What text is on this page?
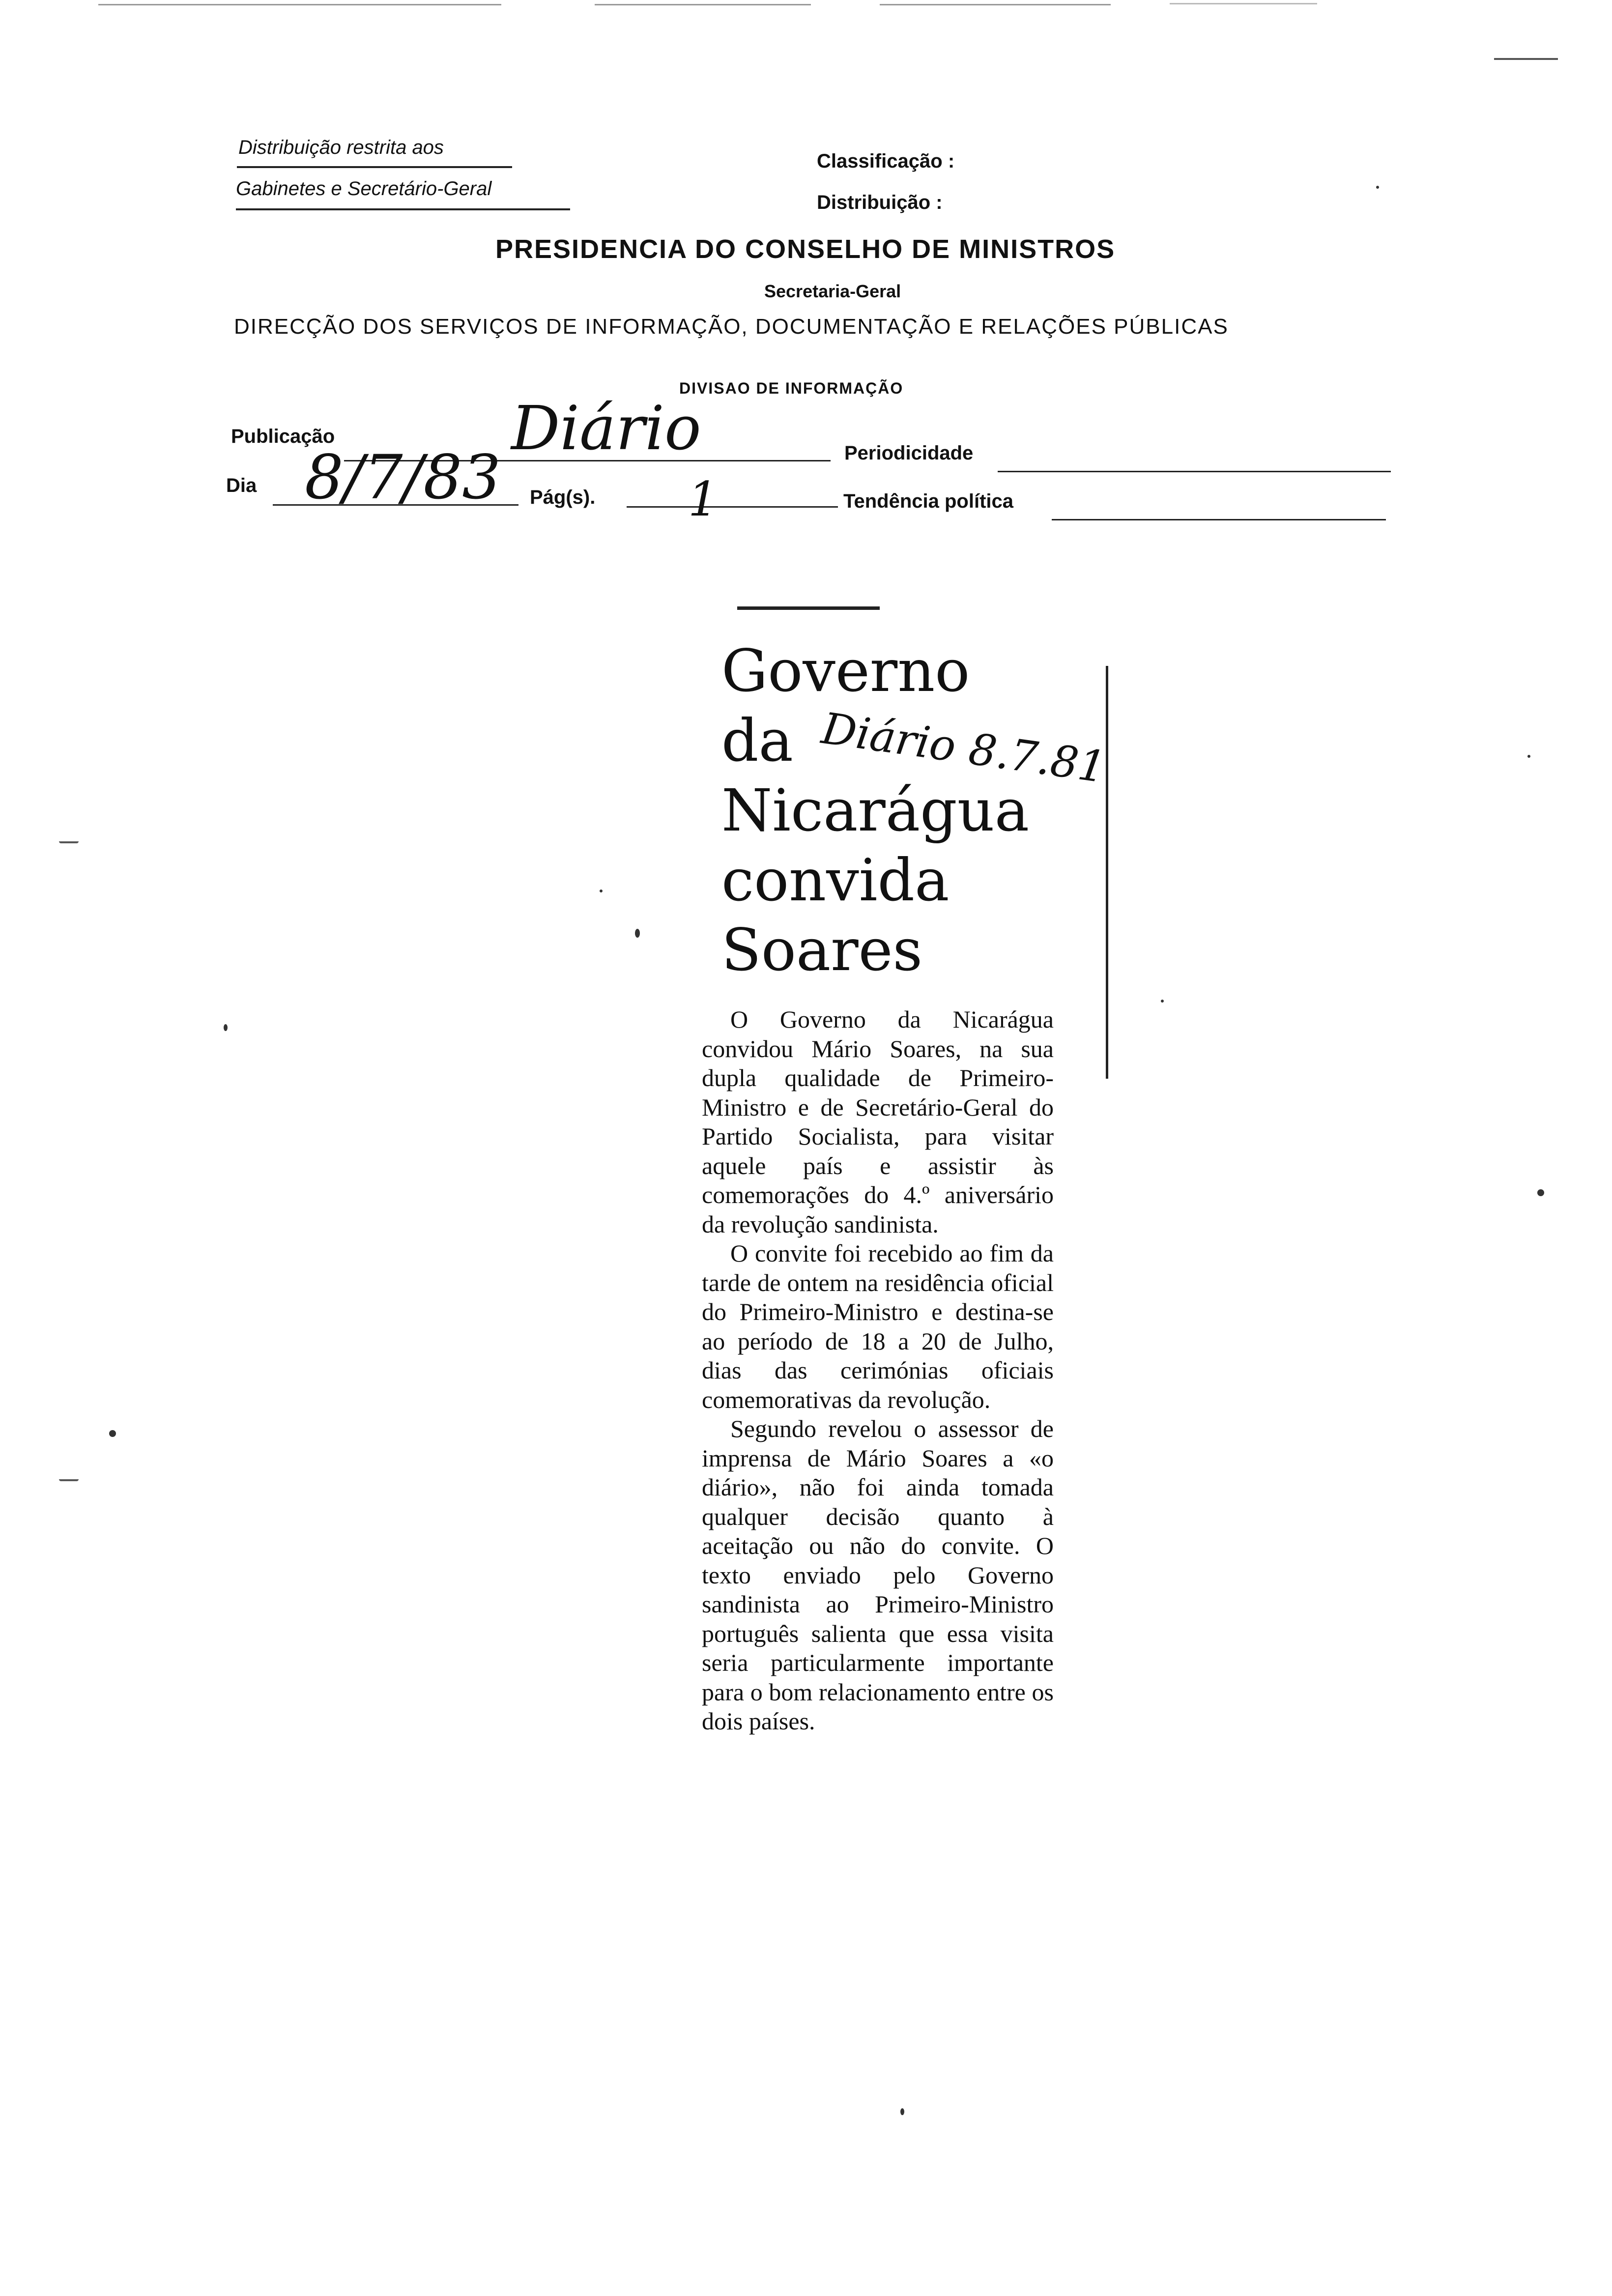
Distribuição restrita aos
Gabinetes e Secretário-Geral
Classificação :
Distribuição :
PRESIDENCIA DO CONSELHO DE MINISTROS
Secretaria-Geral
DIRECÇÃO DOS SERVIÇOS DE INFORMAÇÃO, DOCUMENTAÇÃO E RELAÇÕES PÚBLICAS
DIVISAO DE INFORMAÇÃO
Publicação	Diário	Periodicidade
Dia 8/7/83 Pág(s). 1	Tendência política
Governo
da
Nicarágua
convida
Soares
Diário 8.7.81

O Governo da Nicarágua convidou Mário Soares, na sua dupla qualidade de Primeiro-Ministro e de Secretário-Geral do Partido Socialista, para visitar aquele país e assistir às comemorações do 4.º aniversário da revolução sandinista.

O convite foi recebido ao fim da tarde de ontem na residência oficial do Primeiro-Ministro e destina-se ao período de 18 a 20 de Julho, dias das cerimónias oficiais comemorativas da revolução.

Segundo revelou o assessor de imprensa de Mário Soares a «o diário», não foi ainda tomada qualquer decisão quanto à aceitação ou não do convite. O texto enviado pelo Governo sandinista ao Primeiro-Ministro português salienta que essa visita seria particularmente importante para o bom relacionamento entre os dois países.
